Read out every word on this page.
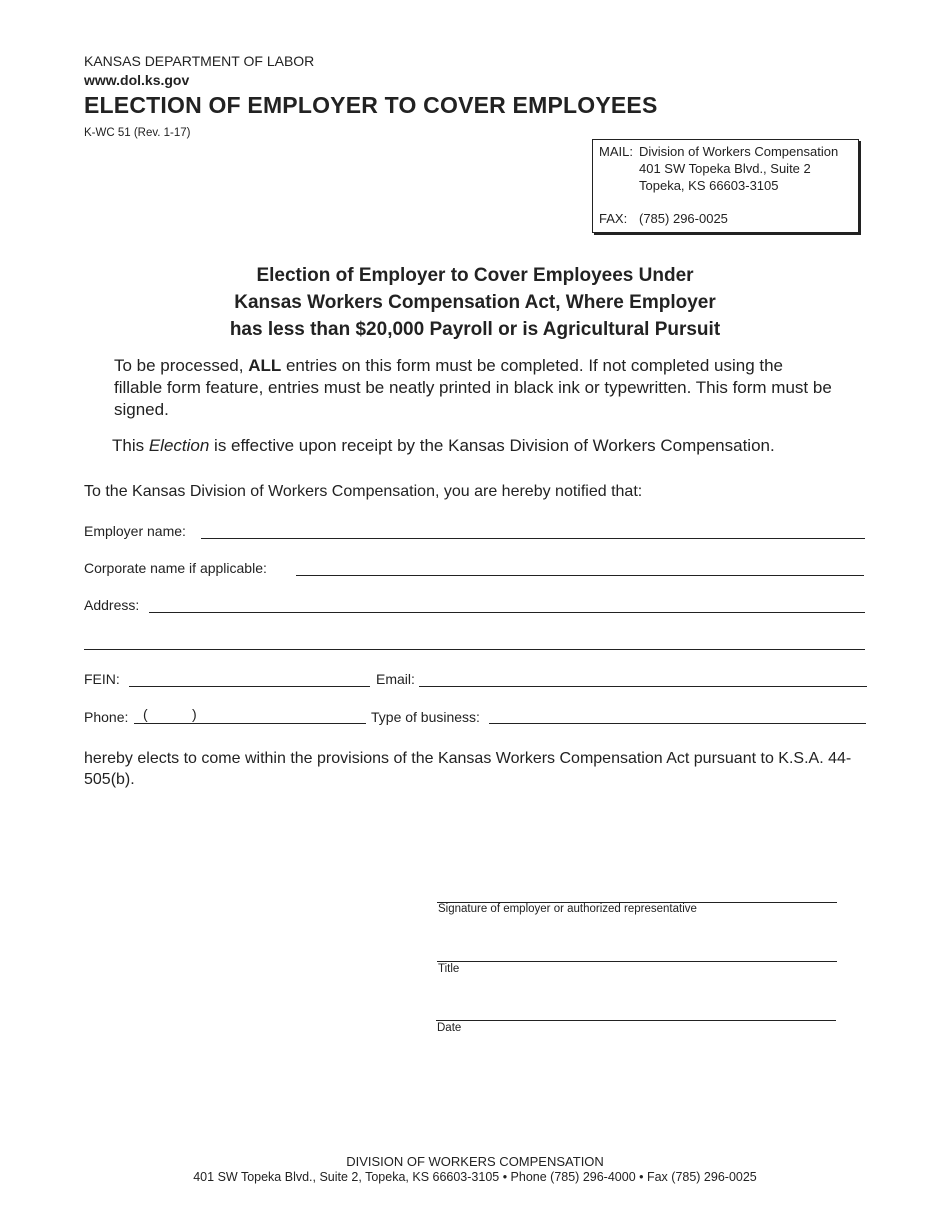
KANSAS DEPARTMENT OF LABOR
www.dol.ks.gov
ELECTION OF EMPLOYER TO COVER EMPLOYEES
K-WC 51 (Rev. 1-17)
MAIL: Division of Workers Compensation
401 SW Topeka Blvd., Suite 2
Topeka, KS 66603-3105
FAX: (785) 296-0025
Election of Employer to Cover Employees Under
Kansas Workers Compensation Act, Where Employer
has less than $20,000 Payroll or is Agricultural Pursuit
To be processed, ALL entries on this form must be completed. If not completed using the fillable form feature, entries must be neatly printed in black ink or typewritten. This form must be signed.
This Election is effective upon receipt by the Kansas Division of Workers Compensation.
To the Kansas Division of Workers Compensation, you are hereby notified that:
Employer name:
Corporate name if applicable:
Address:
FEIN:	Email:
Phone: (	)	Type of business:
hereby elects to come within the provisions of the Kansas Workers Compensation Act pursuant to K.S.A. 44-505(b).
Signature of employer or authorized representative
Title
Date
DIVISION OF WORKERS COMPENSATION
401 SW Topeka Blvd., Suite 2, Topeka, KS 66603-3105 • Phone (785) 296-4000 • Fax (785) 296-0025
